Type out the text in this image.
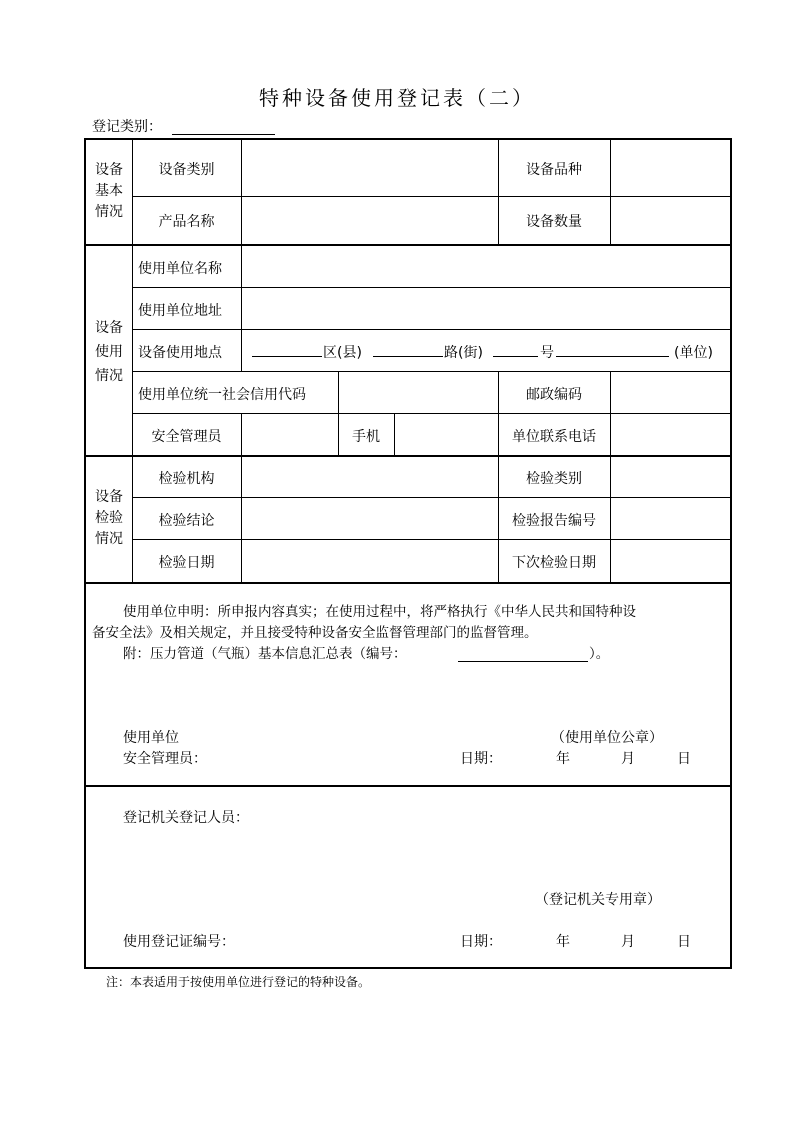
特种设备使用登记表（二）
登记类别：
设备
基本
情况
设备
使用
情况
设备
检验
情况
设备类别	设备品种
产品名称	设备数量
使用单位名称
使用单位地址
设备使用地点	区(县)	路(街)	号	(单位)
使用单位统一社会信用代码	邮政编码
安全管理员	手机	单位联系电话
检验机构	检验类别
检验结论	检验报告编号
检验日期	下次检验日期
使用单位申明：所申报内容真实；在使用过程中，将严格执行《中华人民共和国特种设
备安全法》及相关规定，并且接受特种设备安全监督管理部门的监督管理。
附：压力管道（气瓶）基本信息汇总表（编号：	）。
使用单位	（使用单位公章）
安全管理员：	日期：	年	月	日
登记机关登记人员：
（登记机关专用章）
使用登记证编号：	日期：	年	月	日
注：本表适用于按使用单位进行登记的特种设备。
